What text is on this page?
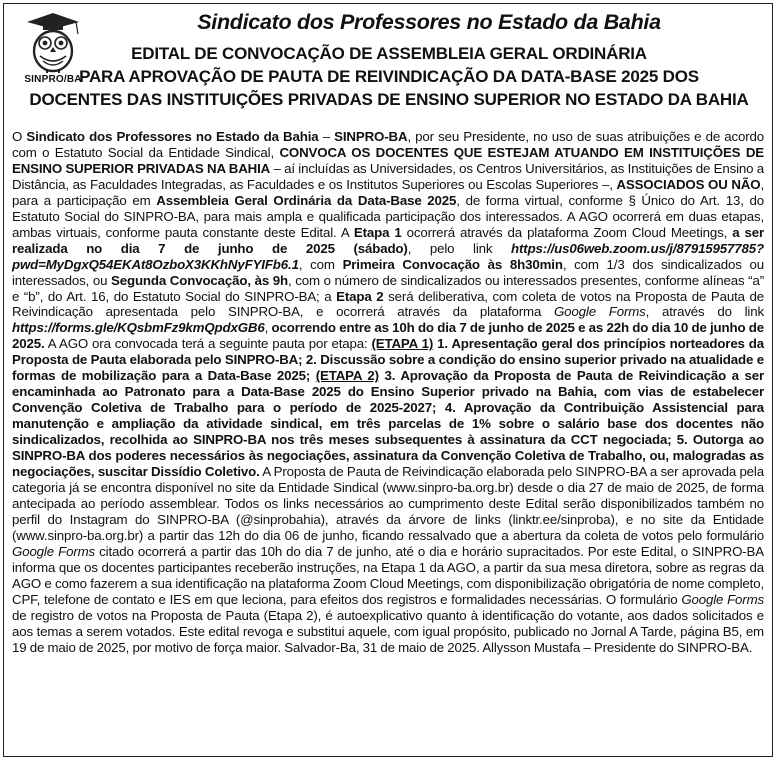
SINPRO/BA
Sindicato dos Professores no Estado da Bahia
EDITAL DE CONVOCAÇÃO DE ASSEMBLEIA GERAL ORDINÁRIA
PARA APROVAÇÃO DE PAUTA DE REIVINDICAÇÃO DA DATA-BASE 2025 DOS
DOCENTES DAS INSTITUIÇÕES PRIVADAS DE ENSINO SUPERIOR NO ESTADO DA BAHIA
O Sindicato dos Professores no Estado da Bahia – SINPRO-BA, por seu Presidente, no uso de suas atribuições e de acordo com o Estatuto Social da Entidade Sindical, CONVOCA OS DOCENTES QUE ESTEJAM ATUANDO EM INSTITUIÇÕES DE ENSINO SUPERIOR PRIVADAS NA BAHIA – aí incluídas as Universidades, os Centros Universitários, as Instituições de Ensino a Distância, as Faculdades Integradas, as Faculdades e os Institutos Superiores ou Escolas Superiores –, ASSOCIADOS OU NÃO, para a participação em Assembleia Geral Ordinária da Data-Base 2025, de forma virtual, conforme § Único do Art. 13, do Estatuto Social do SINPRO-BA, para mais ampla e qualificada participação dos interessados. A AGO ocorrerá em duas etapas, ambas virtuais, conforme pauta constante deste Edital. A Etapa 1 ocorrerá através da plataforma Zoom Cloud Meetings, a ser realizada no dia 7 de junho de 2025 (sábado), pelo link https://us06web.zoom.us/j/87915957785?pwd=MyDgxQ54EKAt8OzboX3KKhNyFYIFb6.1, com Primeira Convocação às 8h30min, com 1/3 dos sindicalizados ou interessados, ou Segunda Convocação, às 9h, com o número de sindicalizados ou interessados presentes, conforme alíneas “a” e “b”, do Art. 16, do Estatuto Social do SINPRO-BA; a Etapa 2 será deliberativa, com coleta de votos na Proposta de Pauta de Reivindicação apresentada pelo SINPRO-BA, e ocorrerá através da plataforma Google Forms, através do link https://forms.gle/KQsbmFz9kmQpdxGB6, ocorrendo entre as 10h do dia 7 de junho de 2025 e as 22h do dia 10 de junho de 2025. A AGO ora convocada terá a seguinte pauta por etapa: (ETAPA 1) 1. Apresentação geral dos princípios norteadores da Proposta de Pauta elaborada pelo SINPRO-BA; 2. Discussão sobre a condição do ensino superior privado na atualidade e formas de mobilização para a Data-Base 2025; (ETAPA 2) 3. Aprovação da Proposta de Pauta de Reivindicação a ser encaminhada ao Patronato para a Data-Base 2025 do Ensino Superior privado na Bahia, com vias de estabelecer Convenção Coletiva de Trabalho para o período de 2025-2027; 4. Aprovação da Contribuição Assistencial para manutenção e ampliação da atividade sindical, em três parcelas de 1% sobre o salário base dos docentes não sindicalizados, recolhida ao SINPRO-BA nos três meses subsequentes à assinatura da CCT negociada; 5. Outorga ao SINPRO-BA dos poderes necessários às negociações, assinatura da Convenção Coletiva de Trabalho, ou, malogradas as negociações, suscitar Dissídio Coletivo. A Proposta de Pauta de Reivindicação elaborada pelo SINPRO-BA a ser aprovada pela categoria já se encontra disponível no site da Entidade Sindical (www.sinpro-ba.org.br) desde o dia 27 de maio de 2025, de forma antecipada ao período assemblear. Todos os links necessários ao cumprimento deste Edital serão disponibilizados também no perfil do Instagram do SINPRO-BA (@sinprobahia), através da árvore de links (linktr.ee/sinproba), e no site da Entidade (www.sinpro-ba.org.br) a partir das 12h do dia 06 de junho, ficando ressalvado que a abertura da coleta de votos pelo formulário Google Forms citado ocorrerá a partir das 10h do dia 7 de junho, até o dia e horário supracitados. Por este Edital, o SINPRO-BA informa que os docentes participantes receberão instruções, na Etapa 1 da AGO, a partir da sua mesa diretora, sobre as regras da AGO e como fazerem a sua identificação na plataforma Zoom Cloud Meetings, com disponibilização obrigatória de nome completo, CPF, telefone de contato e IES em que leciona, para efeitos dos registros e formalidades necessárias. O formulário Google Forms de registro de votos na Proposta de Pauta (Etapa 2), é autoexplicativo quanto à identificação do votante, aos dados solicitados e aos temas a serem votados. Este edital revoga e substitui aquele, com igual propósito, publicado no Jornal A Tarde, página B5, em 19 de maio de 2025, por motivo de força maior. Salvador-Ba, 31 de maio de 2025. Allysson Mustafa – Presidente do SINPRO-BA.
